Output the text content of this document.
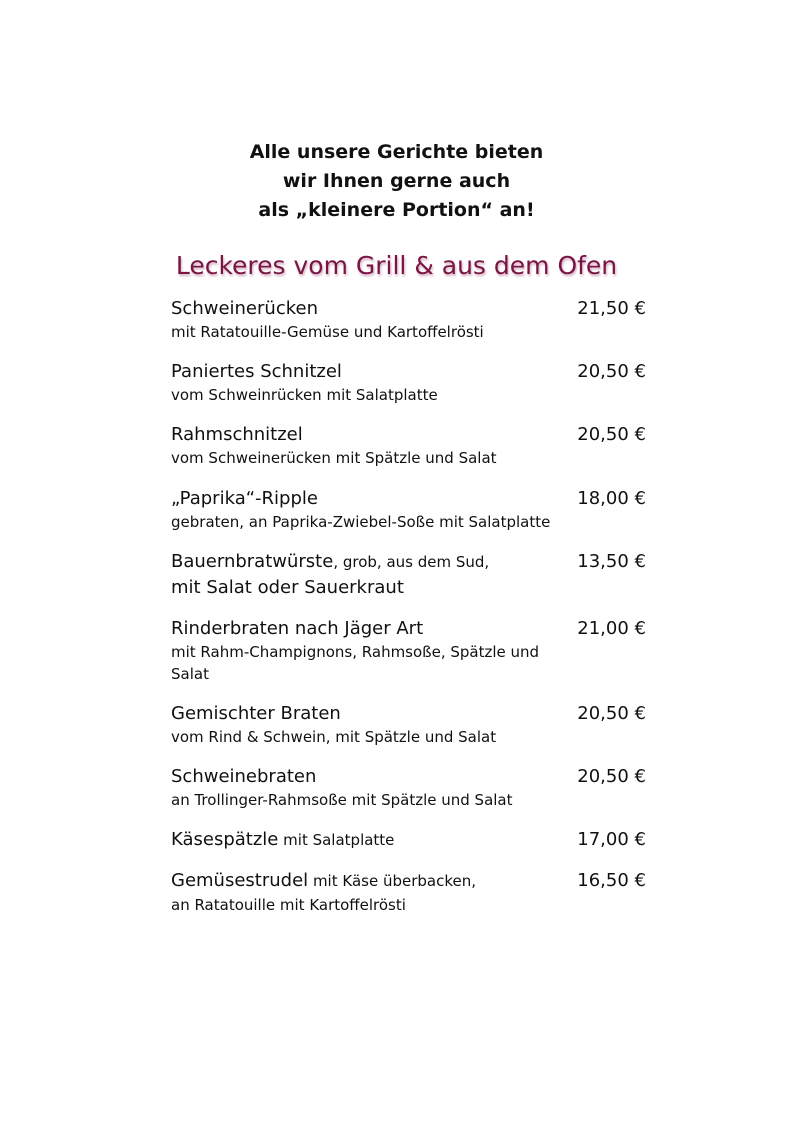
Alle unsere Gerichte bieten
wir Ihnen gerne auch
als „kleinere Portion“ an!
Leckeres vom Grill & aus dem Ofen
Schweinerücken
mit Ratatouille-Gemüse und Kartoffelrösti
21,50 €
Paniertes Schnitzel
vom Schweinrücken mit Salatplatte
20,50 €
Rahmschnitzel
vom Schweinerücken mit Spätzle und Salat
20,50 €
„Paprika“-Ripple
gebraten, an Paprika-Zwiebel-Soße mit Salatplatte
18,00 €
Bauernbratwürste, grob, aus dem Sud,
mit Salat oder Sauerkraut
13,50 €
Rinderbraten nach Jäger Art
mit Rahm-Champignons, Rahmsoße, Spätzle und Salat
21,00 €
Gemischter Braten
vom Rind & Schwein, mit Spätzle und Salat
20,50 €
Schweinebraten
an Trollinger-Rahmsoße mit Spätzle und Salat
20,50 €
Käsespätzle mit Salatplatte	17,00 €
Gemüsestrudel mit Käse überbacken,
an Ratatouille mit Kartoffelrösti
16,50 €
